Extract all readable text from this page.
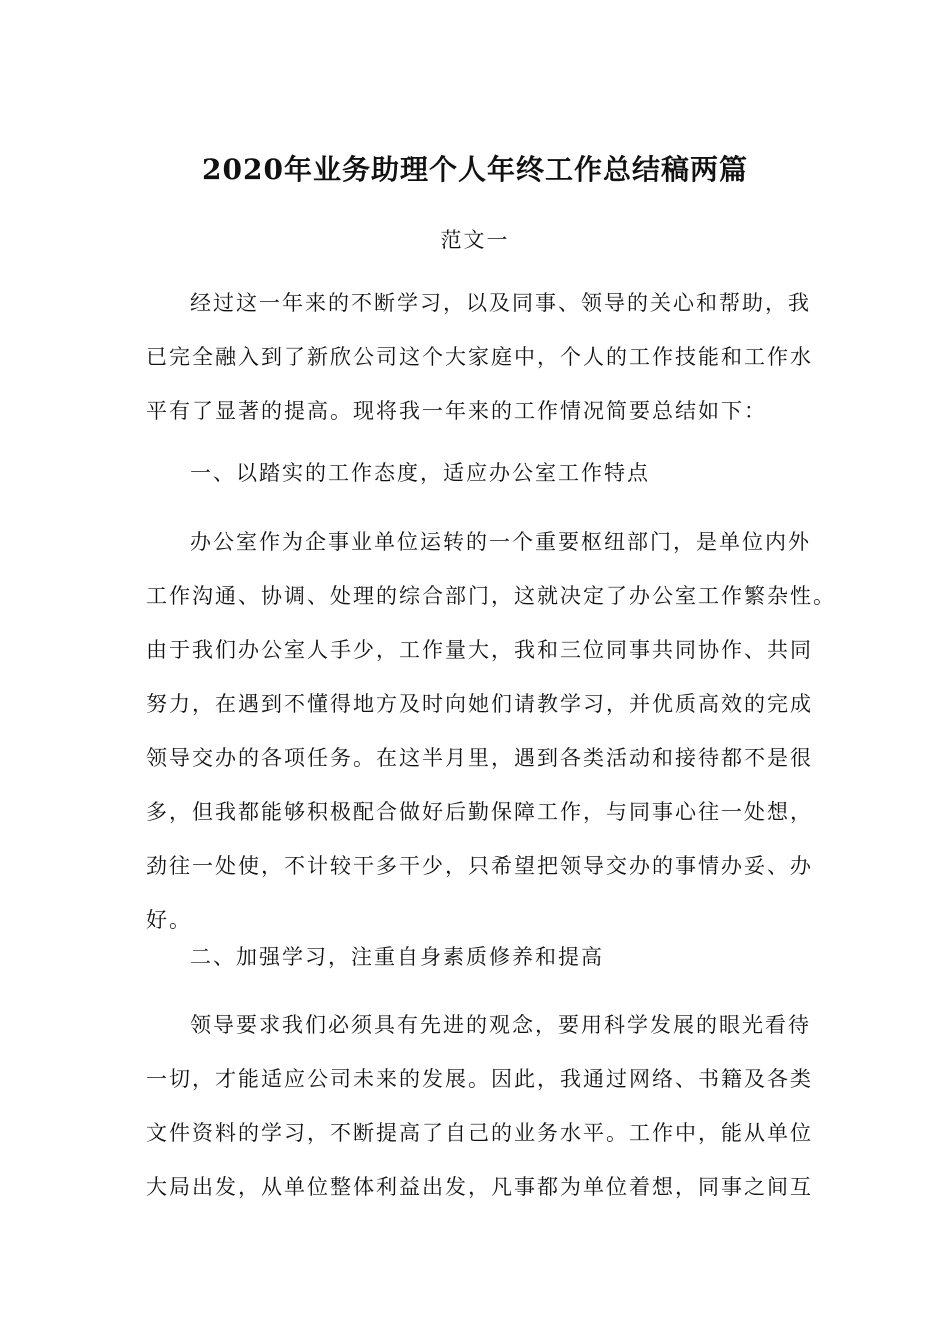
2020年业务助理个人年终工作总结稿两篇
范文一
经过这一年来的不断学习，以及同事、领导的关心和帮助，我
已完全融入到了新欣公司这个大家庭中，个人的工作技能和工作水
平有了显著的提高。现将我一年来的工作情况简要总结如下：
一、以踏实的工作态度，适应办公室工作特点
办公室作为企事业单位运转的一个重要枢纽部门，是单位内外
工作沟通、协调、处理的综合部门，这就决定了办公室工作繁杂性。
由于我们办公室人手少，工作量大，我和三位同事共同协作、共同
努力，在遇到不懂得地方及时向她们请教学习，并优质高效的完成
领导交办的各项任务。在这半月里，遇到各类活动和接待都不是很
多，但我都能够积极配合做好后勤保障工作，与同事心往一处想，
劲往一处使，不计较干多干少，只希望把领导交办的事情办妥、办
好。
二、加强学习，注重自身素质修养和提高
领导要求我们必须具有先进的观念，要用科学发展的眼光看待
一切，才能适应公司未来的发展。因此，我通过网络、书籍及各类
文件资料的学习，不断提高了自己的业务水平。工作中，能从单位
大局出发，从单位整体利益出发，凡事都为单位着想，同事之间互
